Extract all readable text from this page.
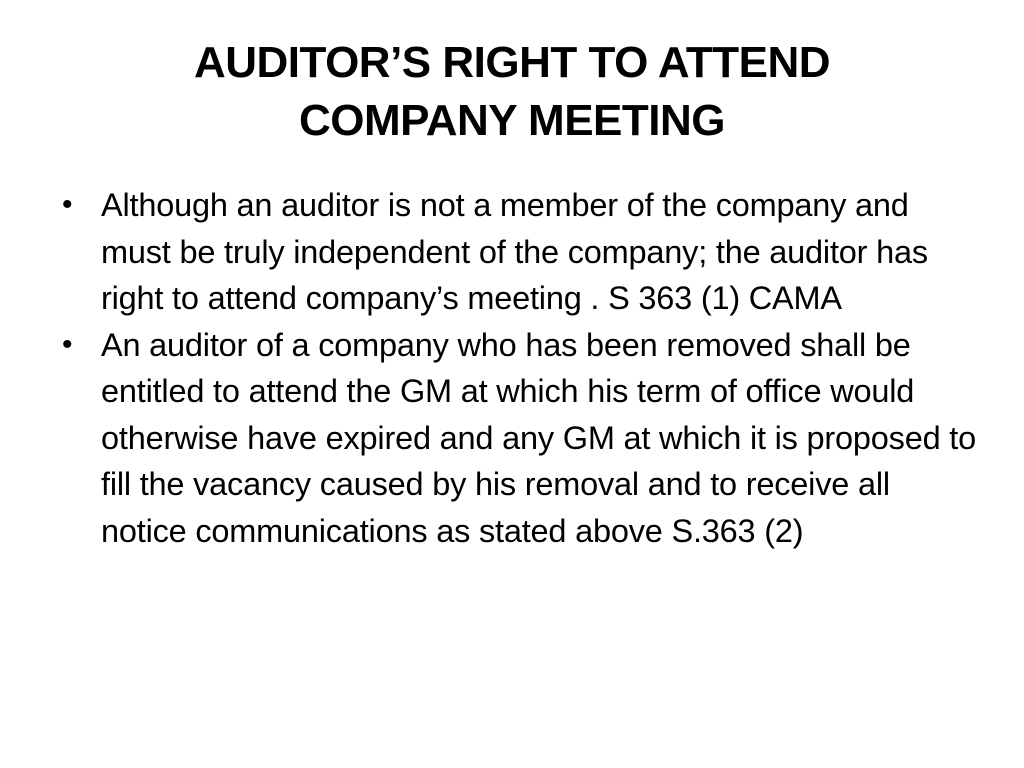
AUDITOR’S RIGHT TO ATTEND
COMPANY MEETING
• Although an auditor is not a member of the company and must be truly independent of the company; the auditor has right to attend company’s meeting . S 363 (1) CAMA
• An auditor of a company who has been removed shall be entitled to attend the GM at which his term of office would otherwise have expired and any GM at which it is proposed to fill the vacancy caused by his removal and to receive all notice communications as stated above S.363 (2)
